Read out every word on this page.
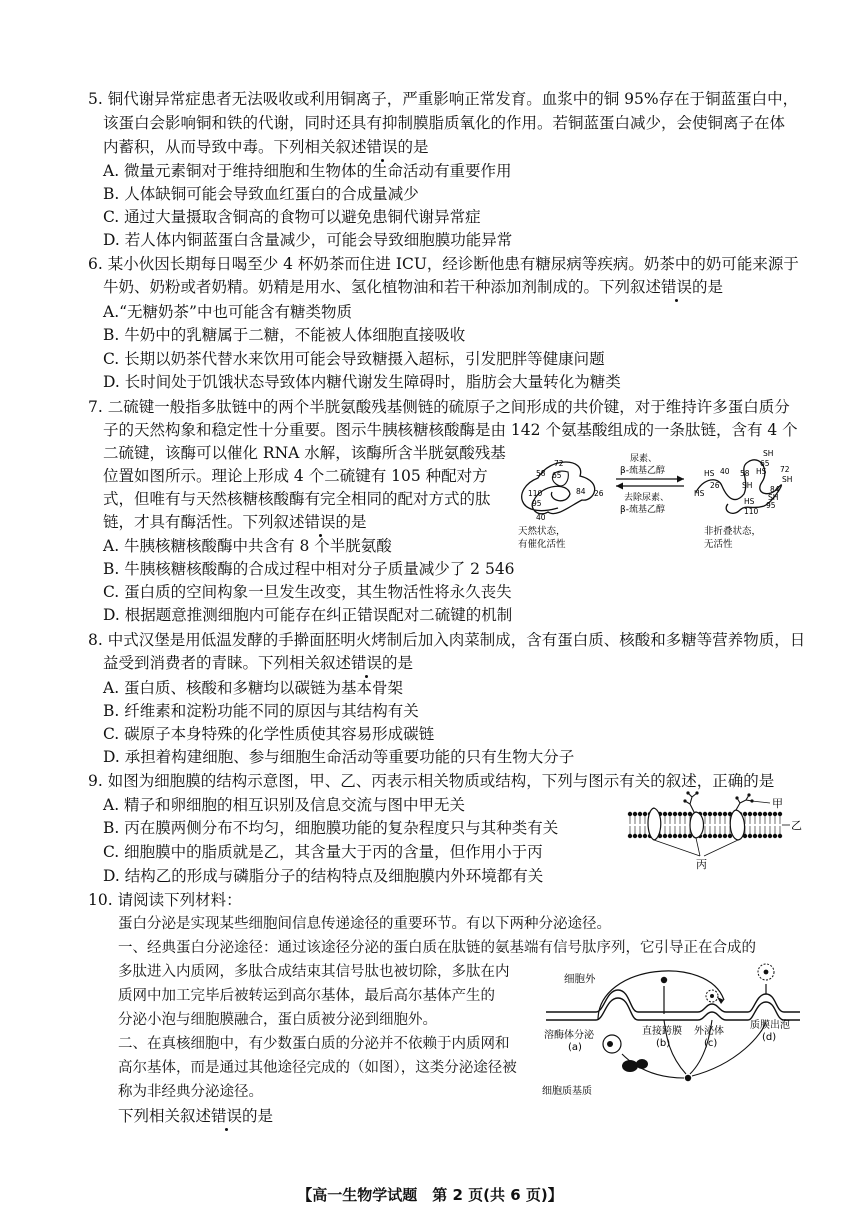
5. 铜代谢异常症患者无法吸收或利用铜离子，严重影响正常发育。血浆中的铜 95%存在于铜蓝蛋白中，
该蛋白会影响铜和铁的代谢，同时还具有抑制膜脂质氧化的作用。若铜蓝蛋白减少，会使铜离子在体
内蓄积，从而导致中毒。下列相关叙述错误的是
A. 微量元素铜对于维持细胞和生物体的生命活动有重要作用
B. 人体缺铜可能会导致血红蛋白的合成量减少
C. 通过大量摄取含铜高的食物可以避免患铜代谢异常症
D. 若人体内铜蓝蛋白含量减少，可能会导致细胞膜功能异常
6. 某小伙因长期每日喝至少 4 杯奶茶而住进 ICU，经诊断他患有糖尿病等疾病。奶茶中的奶可能来源于
牛奶、奶粉或者奶精。奶精是用水、氢化植物油和若干种添加剂制成的。下列叙述错误的是
A.“无糖奶茶”中也可能含有糖类物质
B. 牛奶中的乳糖属于二糖，不能被人体细胞直接吸收
C. 长期以奶茶代替水来饮用可能会导致糖摄入超标，引发肥胖等健康问题
D. 长时间处于饥饿状态导致体内糖代谢发生障碍时，脂肪会大量转化为糖类
7. 二硫键一般指多肽链中的两个半胱氨酸残基侧链的硫原子之间形成的共价键，对于维持许多蛋白质分
子的天然构象和稳定性十分重要。图示牛胰核糖核酸酶是由 142 个氨基酸组成的一条肽链，含有 4 个
二硫键，该酶可以催化 RNA 水解，该酶所含半胱氨酸残基
位置如图所示。理论上形成 4 个二硫键有 105 种配对方
式，但唯有与天然核糖核酸酶有完全相同的配对方式的肽
链，才具有酶活性。下列叙述错误的是
A. 牛胰核糖核酸酶中共含有 8 个半胱氨酸
B. 牛胰核糖核酸酶的合成过程中相对分子质量减少了 2 546
C. 蛋白质的空间构象一旦发生改变，其生物活性将永久丧失
D. 根据题意推测细胞内可能存在纠正错误配对二硫键的机制
72
58 65
110
95
84 26
40
天然状态，
有催化活性
尿素、
β-巯基乙醇
去除尿素、
β-巯基乙醇
SH
65
72
HS
SH
40
HS	58
26	SH
HS	84
SH
95
HS
110
非折叠状态，
无活性
8. 中式汉堡是用低温发酵的手擀面胚明火烤制后加入肉菜制成，含有蛋白质、核酸和多糖等营养物质，日
益受到消费者的青睐。下列相关叙述错误的是
A. 蛋白质、核酸和多糖均以碳链为基本骨架
B. 纤维素和淀粉功能不同的原因与其结构有关
C. 碳原子本身特殊的化学性质使其容易形成碳链
D. 承担着构建细胞、参与细胞生命活动等重要功能的只有生物大分子
9. 如图为细胞膜的结构示意图，甲、乙、丙表示相关物质或结构，下列与图示有关的叙述，正确的是
A. 精子和卵细胞的相互识别及信息交流与图中甲无关
B. 丙在膜两侧分布不均匀，细胞膜功能的复杂程度只与其种类有关
C. 细胞膜中的脂质就是乙，其含量大于丙的含量，但作用小于丙
D. 结构乙的形成与磷脂分子的结构特点及细胞膜内外环境都有关
甲
乙
丙
10. 请阅读下列材料：
蛋白分泌是实现某些细胞间信息传递途径的重要环节。有以下两种分泌途径。
一、经典蛋白分泌途径：通过该途径分泌的蛋白质在肽链的氨基端有信号肽序列，它引导正在合成的
多肽进入内质网，多肽合成结束其信号肽也被切除，多肽在内
质网中加工完毕后被转运到高尔基体，最后高尔基体产生的
分泌小泡与细胞膜融合，蛋白质被分泌到细胞外。
二、在真核细胞中，有少数蛋白质的分泌并不依赖于内质网和
高尔基体，而是通过其他途径完成的（如图），这类分泌途径被
称为非经典分泌途径。
下列相关叙述错误的是
细胞外
溶酶体分泌
(a)
直接跨膜
(b)
外泌体
(c)
质膜出泡
(d)
细胞质基质
【高一生物学试题　第 2 页(共 6 页)】
